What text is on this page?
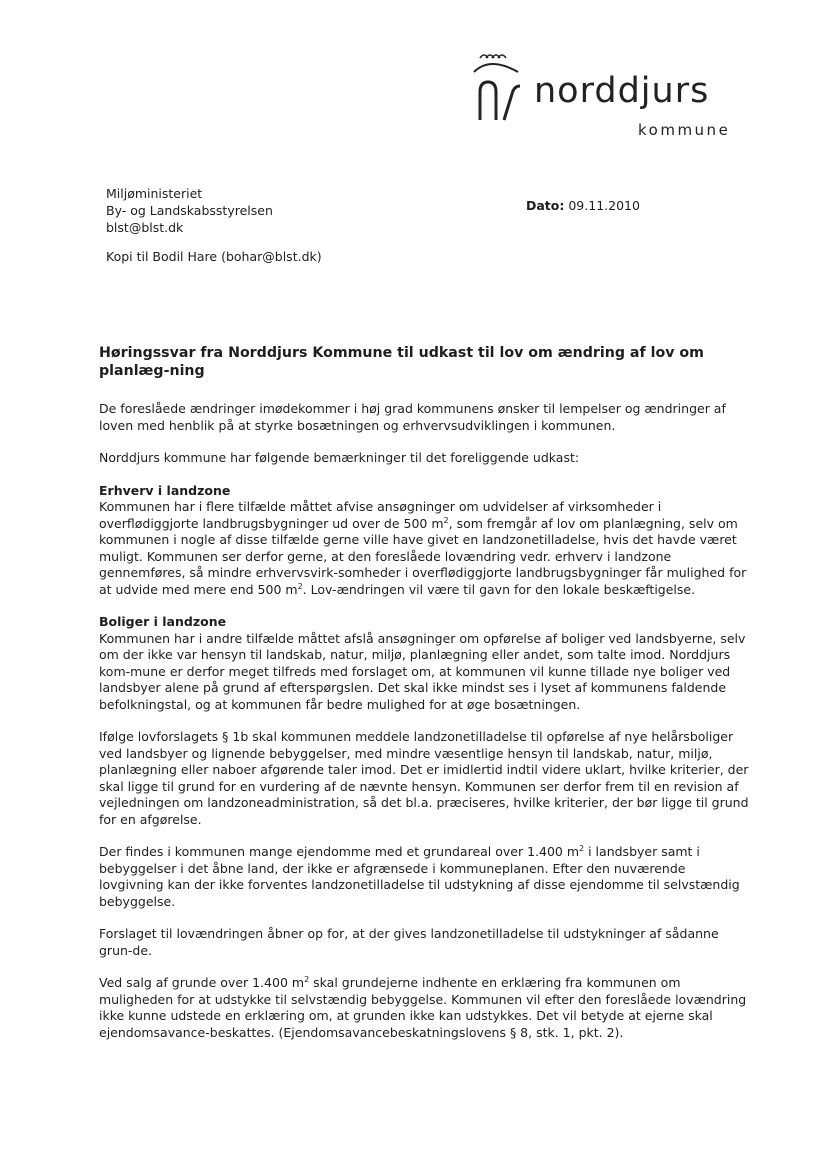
norddjurs
kommune
Miljøministeriet
By- og Landskabsstyrelsen
blst@blst.dk
Dato: 09.11.2010
Kopi til Bodil Hare (bohar@blst.dk)
Høringssvar fra Norddjurs Kommune til udkast til lov om ændring af lov om planlæg-ning

De foreslåede ændringer imødekommer i høj grad kommunens ønsker til lempelser og ændringer af loven med henblik på at styrke bosætningen og erhvervsudviklingen i kommunen.

Norddjurs kommune har følgende bemærkninger til det foreliggende udkast:

Erhverv i landzone

Kommunen har i flere tilfælde måttet afvise ansøgninger om udvidelser af virksomheder i overflødiggjorte landbrugsbygninger ud over de 500 $m^2$, som fremgår af lov om planlægning, selv om kommunen i nogle af disse tilfælde gerne ville have givet en landzonetilladelse, hvis det havde været muligt. Kommunen ser derfor gerne, at den foreslåede lovændring vedr. erhverv i landzone gennemføres, så mindre erhvervsvirk-somheder i overflødiggjorte landbrugsbygninger får mulighed for at udvide med mere end 500 $m^2$. Lov-ændringen vil være til gavn for den lokale beskæftigelse.

Boliger i landzone

Kommunen har i andre tilfælde måttet afslå ansøgninger om opførelse af boliger ved landsbyerne, selv om der ikke var hensyn til landskab, natur, miljø, planlægning eller andet, som talte imod. Norddjurs kom-mune er derfor meget tilfreds med forslaget om, at kommunen vil kunne tillade nye boliger ved landsbyer alene på grund af efterspørgslen. Det skal ikke mindst ses i lyset af kommunens faldende befolkningstal, og at kommunen får bedre mulighed for at øge bosætningen.

Ifølge lovforslagets § 1b skal kommunen meddele landzonetilladelse til opførelse af nye helårsboliger ved landsbyer og lignende bebyggelser, med mindre væsentlige hensyn til landskab, natur, miljø, planlægning eller naboer afgørende taler imod. Det er imidlertid indtil videre uklart, hvilke kriterier, der skal ligge til grund for en vurdering af de nævnte hensyn. Kommunen ser derfor frem til en revision af vejledningen om landzoneadministration, så det bl.a. præciseres, hvilke kriterier, der bør ligge til grund for en afgørelse.

Der findes i kommunen mange ejendomme med et grundareal over 1.400 $m^2$ i landsbyer samt i bebyggelser i det åbne land, der ikke er afgrænsede i kommuneplanen. Efter den nuværende lovgivning kan der ikke forventes landzonetilladelse til udstykning af disse ejendomme til selvstændig bebyggelse.

Forslaget til lovændringen åbner op for, at der gives landzonetilladelse til udstykninger af sådanne grun-de.

Ved salg af grunde over 1.400 $m^2$ skal grundejerne indhente en erklæring fra kommunen om muligheden for at udstykke til selvstændig bebyggelse. Kommunen vil efter den foreslåede lovændring ikke kunne udstede en erklæring om, at grunden ikke kan udstykkes. Det vil betyde at ejerne skal ejendomsavance-beskattes. (Ejendomsavancebeskatningslovens § 8, stk. 1, pkt. 2).
